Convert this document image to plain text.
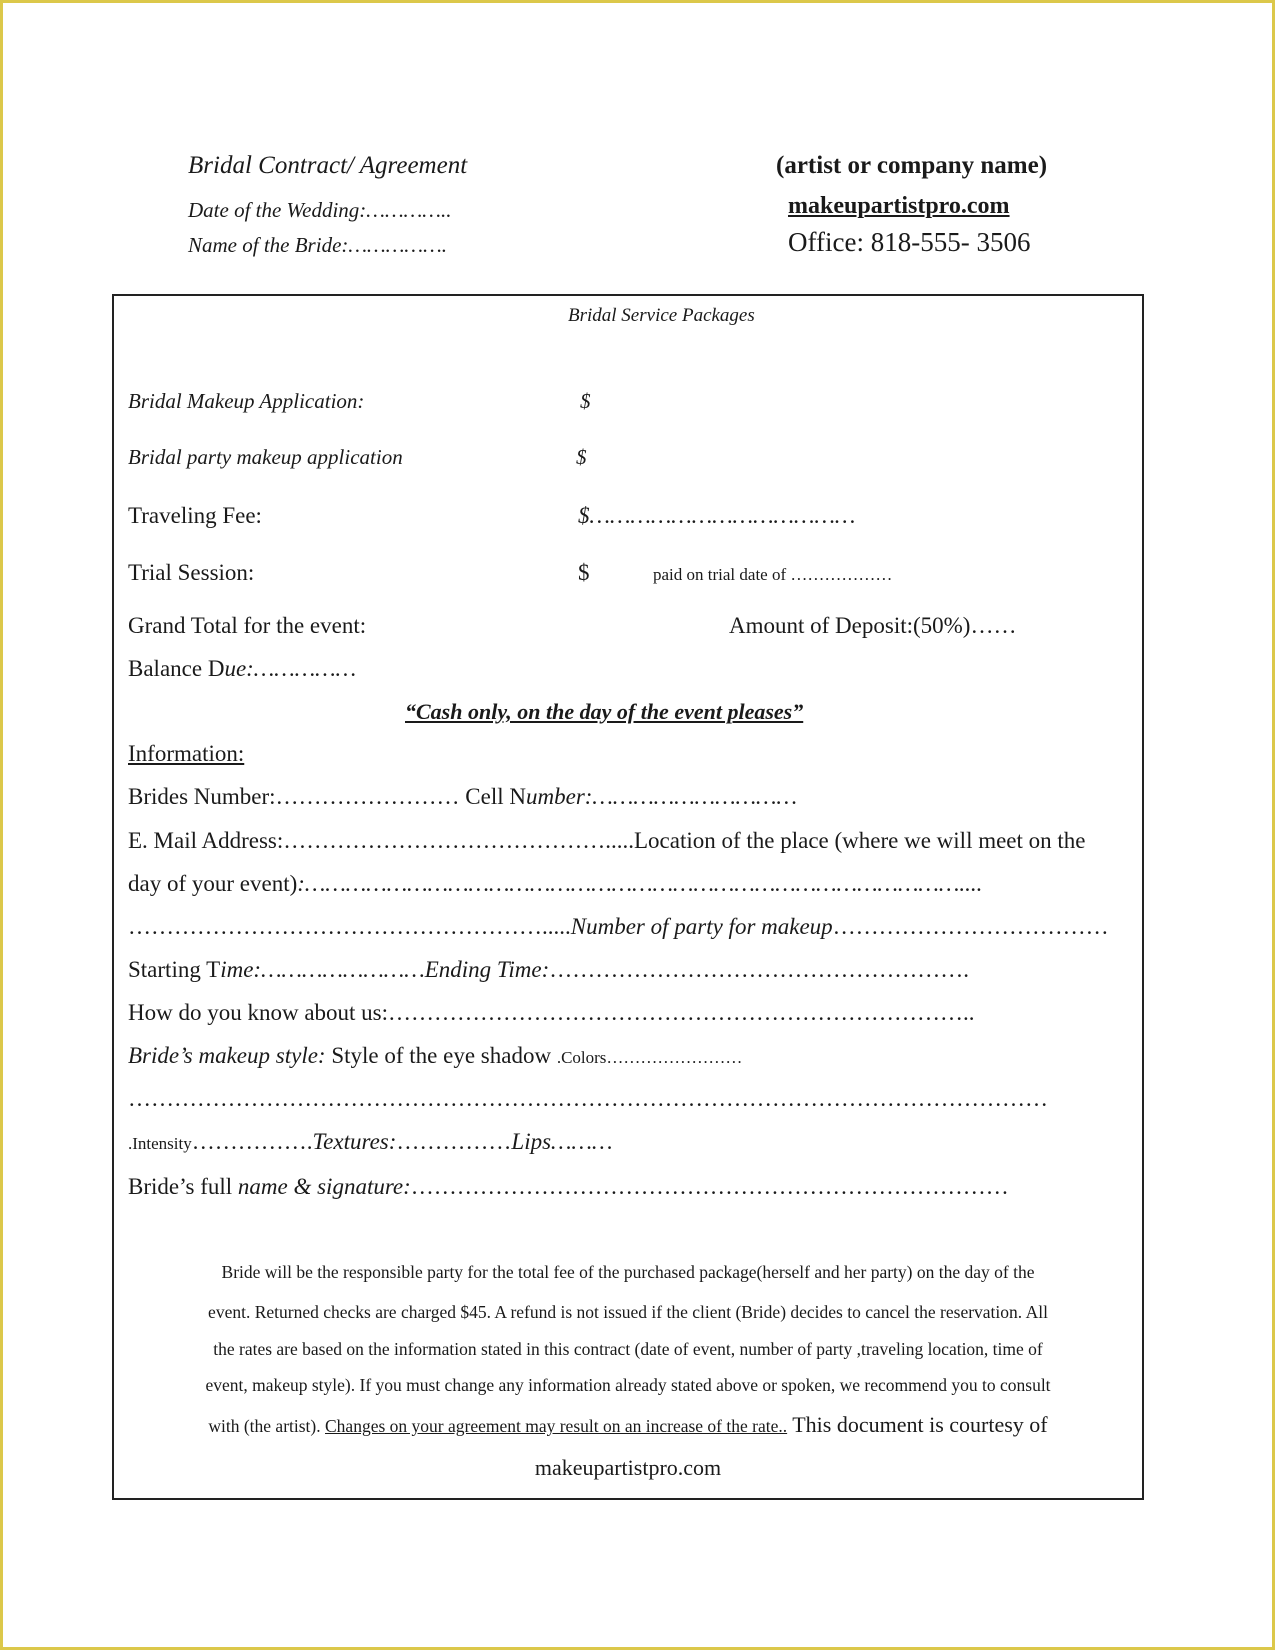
Bridal Contract/ Agreement
Date of the Wedding:…………..
Name of the Bride:…………….
(artist or company name)
makeupartistpro.com
Office: 818-555- 3506
Bridal Service Packages
Bridal Makeup Application:	$
Bridal party makeup application	$
Traveling Fee:	$…………………………………
Trial Session:	$	paid on trial date of ………………
Grand Total for the event:	Amount of Deposit:(50%)……
Balance Due:……………
“Cash only, on the day of the event pleases”
Information:
Brides Number:…………………… Cell Number:…………………………
E. Mail Address:…………………………………….....Location of the place (where we will meet on the
day of your event):……………………………………………………………………………………....
……………………………………………….....Number of party for makeup………………………………
Starting Time:……………………Ending Time:……………………………………………….
How do you know about us:…………………………………………………………………..
Bride’s makeup style: Style of the eye shadow .Colors……………………
…………………………………………………………………………………………………………
.Intensity…………….Textures:……………Lips………
Bride’s full name & signature:……………………………………………………………………
Bride will be the responsible party for the total fee of the purchased package(herself and her party) on the day of the
event. Returned checks are charged $45. A refund is not issued if the client (Bride) decides to cancel the reservation. All
the rates are based on the information stated in this contract (date of event, number of party ,traveling location, time of
event, makeup style). If you must change any information already stated above or spoken, we recommend you to consult
with (the artist). Changes on your agreement may result on an increase of the rate.. This document is courtesy of
makeupartistpro.com
